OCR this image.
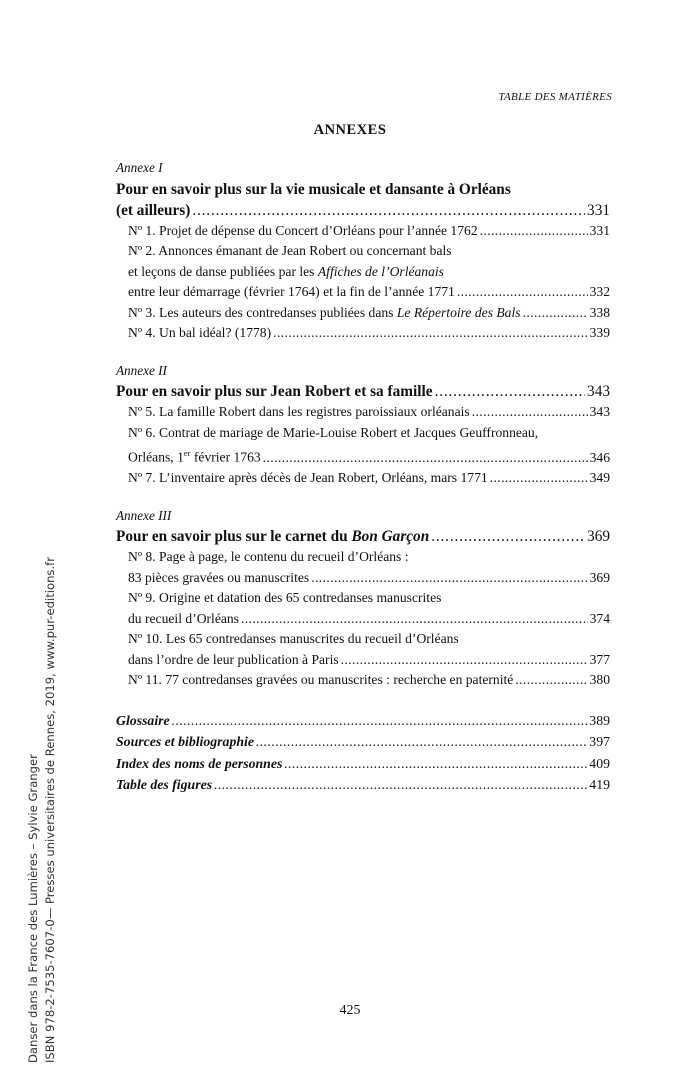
TABLE DES MATIÈRES
ANNEXES
Annexe I
Pour en savoir plus sur la vie musicale et dansante à Orléans
(et ailleurs) . . .	331
Nº 1. Projet de dépense du Concert d’Orléans pour l’année 1762 . . .	331
Nº 2. Annonces émanant de Jean Robert ou concernant bals
et leçons de danse publiées par les Affiches de l’Orléanais
entre leur démarrage (février 1764) et la fin de l’année 1771 . . .	332
Nº 3. Les auteurs des contredanses publiées dans Le Répertoire des Bals . . .	338
Nº 4. Un bal idéal? (1778) . . .	339
Annexe II
Pour en savoir plus sur Jean Robert et sa famille . . .	343
Nº 5. La famille Robert dans les registres paroissiaux orléanais . . .	343
Nº 6. Contrat de mariage de Marie-Louise Robert et Jacques Geuffronneau,
Orléans, 1er février 1763 . . .	346
Nº 7. L’inventaire après décès de Jean Robert, Orléans, mars 1771 . . .	349
Annexe III
Pour en savoir plus sur le carnet du Bon Garçon . . .	369
Nº 8. Page à page, le contenu du recueil d’Orléans :
83 pièces gravées ou manuscrites . . .	369
Nº 9. Origine et datation des 65 contredanses manuscrites
du recueil d’Orléans . . .	374
Nº 10. Les 65 contredanses manuscrites du recueil d’Orléans
dans l’ordre de leur publication à Paris . . .	377
Nº 11. 77 contredanses gravées ou manuscrites : recherche en paternité . . .	380
Glossaire . . .	389
Sources et bibliographie . . .	397
Index des noms de personnes . . .	409
Table des figures . . .	419
425
Danser dans la France des Lumières – Sylvie Granger ISBN 978-2-7535-7607-0— Presses universitaires de Rennes, 2019, www.pur-editions.fr
